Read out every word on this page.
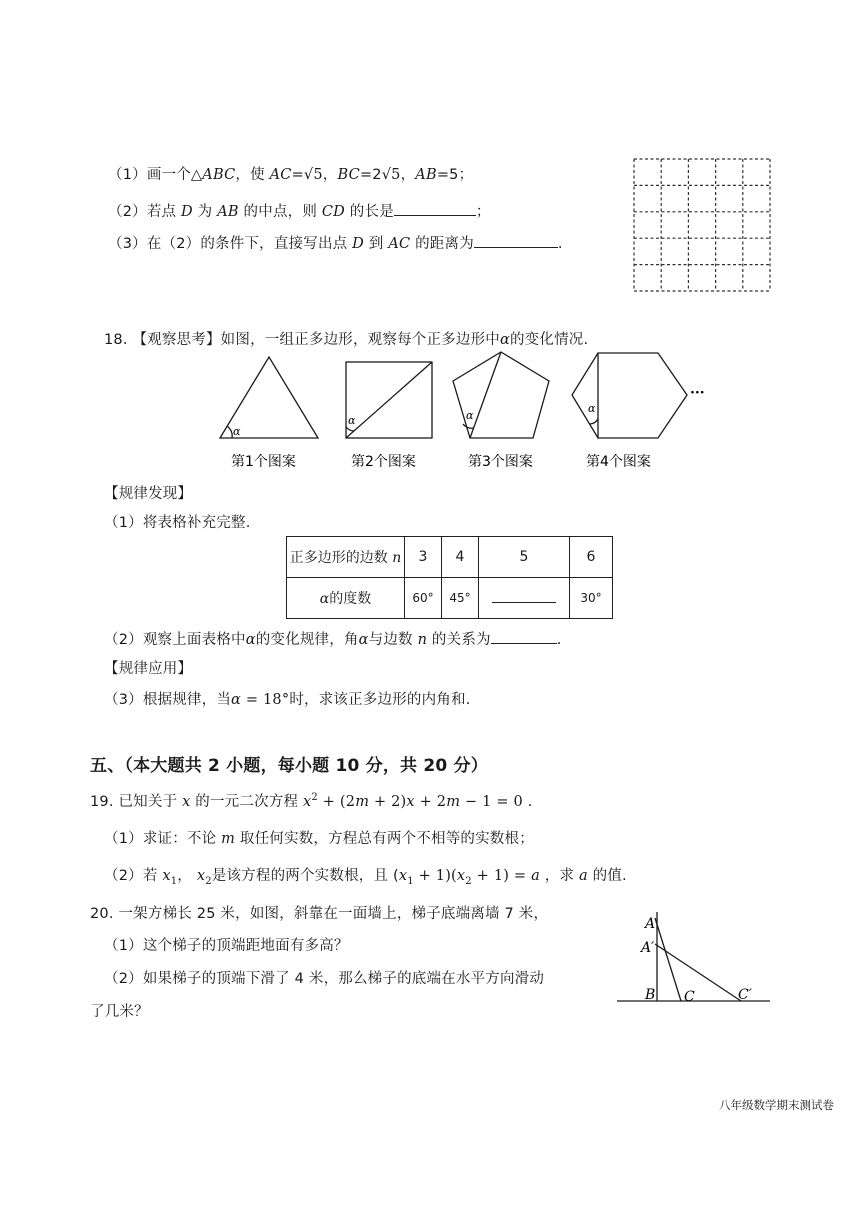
（1）画一个△ABC，使 AC=√5，BC=2√5，AB=5；
（2）若点 D 为 AB 的中点，则 CD 的长是	；
（3）在（2）的条件下，直接写出点 D 到 AC 的距离为	.
18. 【观察思考】如图，一组正多边形，观察每个正多边形中α的变化情况.
α
α	α
α
···
第1个图案	第2个图案	第3个图案	第4个图案
【规律发现】
（1）将表格补充完整.
正多边形的边数 n	3	4	5	6
α的度数	60°	45°		30°
（2）观察上面表格中α的变化规律，角α与边数 n 的关系为	.
【规律应用】
（3）根据规律，当α = 18°时，求该正多边形的内角和.
五、（本大题共 2 小题，每小题 10 分，共 20 分）
19. 已知关于 x 的一元二次方程 $x^2 + (2m + 2)x + 2m - 1 = 0$ .
（1）求证：不论 m 取任何实数，方程总有两个不相等的实数根；
（2）若 $x_1$， $x_2$是该方程的两个实数根，且 $(x_1 + 1)(x_2 + 1) = a$ ，求 a 的值.
20. 一架方梯长 25 米，如图，斜靠在一面墙上，梯子底端离墙 7 米，
（1）这个梯子的顶端距地面有多高？
（2）如果梯子的顶端下滑了 4 米，那么梯子的底端在水平方向滑动
了几米？
A
A′
B C	C′
八年级数学期末测试卷
